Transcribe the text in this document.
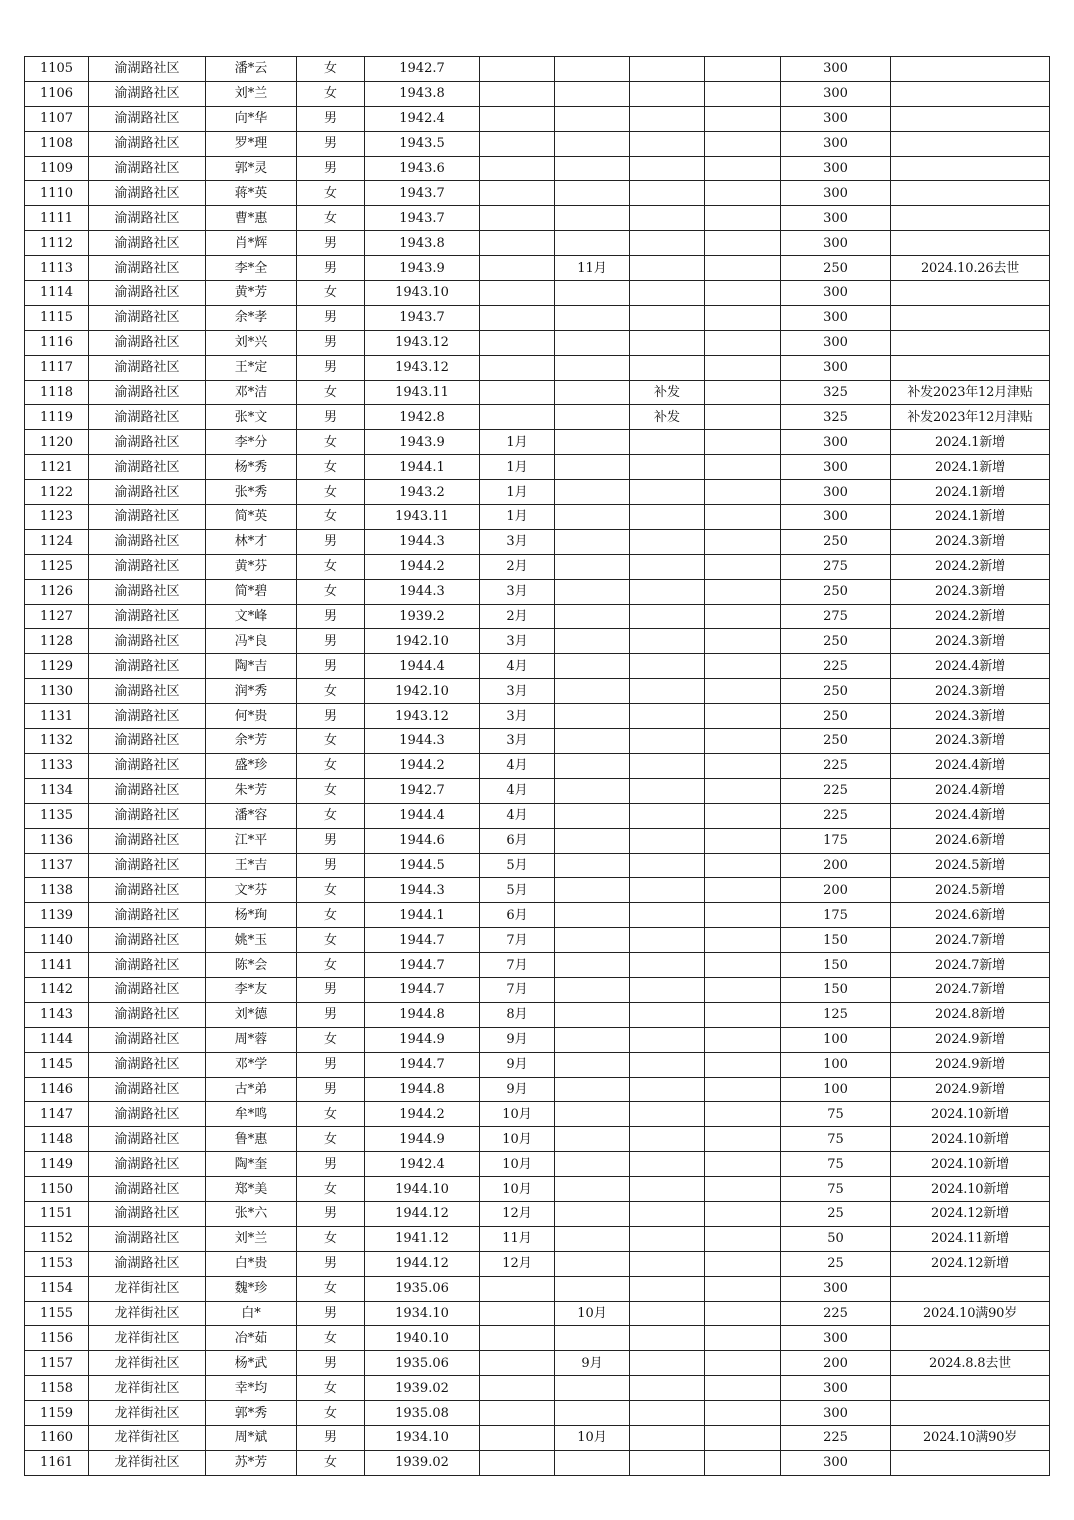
1105	渝湖路社区	潘*云	女	1942.7					300	
1106	渝湖路社区	刘*兰	女	1943.8					300	
1107	渝湖路社区	向*华	男	1942.4					300	
1108	渝湖路社区	罗*理	男	1943.5					300	
1109	渝湖路社区	郭*灵	男	1943.6					300	
1110	渝湖路社区	蒋*英	女	1943.7					300	
1111	渝湖路社区	曹*惠	女	1943.7					300	
1112	渝湖路社区	肖*辉	男	1943.8					300	
1113	渝湖路社区	李*全	男	1943.9		11月			250	2024.10.26去世
1114	渝湖路社区	黄*芳	女	1943.10					300	
1115	渝湖路社区	余*孝	男	1943.7					300	
1116	渝湖路社区	刘*兴	男	1943.12					300	
1117	渝湖路社区	王*定	男	1943.12					300	
1118	渝湖路社区	邓*洁	女	1943.11			补发		325	补发2023年12月津贴
1119	渝湖路社区	张*文	男	1942.8			补发		325	补发2023年12月津贴
1120	渝湖路社区	李*分	女	1943.9	1月				300	2024.1新增
1121	渝湖路社区	杨*秀	女	1944.1	1月				300	2024.1新增
1122	渝湖路社区	张*秀	女	1943.2	1月				300	2024.1新增
1123	渝湖路社区	简*英	女	1943.11	1月				300	2024.1新增
1124	渝湖路社区	林*才	男	1944.3	3月				250	2024.3新增
1125	渝湖路社区	黄*芬	女	1944.2	2月				275	2024.2新增
1126	渝湖路社区	简*碧	女	1944.3	3月				250	2024.3新增
1127	渝湖路社区	文*峰	男	1939.2	2月				275	2024.2新增
1128	渝湖路社区	冯*良	男	1942.10	3月				250	2024.3新增
1129	渝湖路社区	陶*吉	男	1944.4	4月				225	2024.4新增
1130	渝湖路社区	润*秀	女	1942.10	3月				250	2024.3新增
1131	渝湖路社区	何*贵	男	1943.12	3月				250	2024.3新增
1132	渝湖路社区	余*芳	女	1944.3	3月				250	2024.3新增
1133	渝湖路社区	盛*珍	女	1944.2	4月				225	2024.4新增
1134	渝湖路社区	朱*芳	女	1942.7	4月				225	2024.4新增
1135	渝湖路社区	潘*容	女	1944.4	4月				225	2024.4新增
1136	渝湖路社区	江*平	男	1944.6	6月				175	2024.6新增
1137	渝湖路社区	王*吉	男	1944.5	5月				200	2024.5新增
1138	渝湖路社区	文*芬	女	1944.3	5月				200	2024.5新增
1139	渝湖路社区	杨*珣	女	1944.1	6月				175	2024.6新增
1140	渝湖路社区	姚*玉	女	1944.7	7月				150	2024.7新增
1141	渝湖路社区	陈*会	女	1944.7	7月				150	2024.7新增
1142	渝湖路社区	李*友	男	1944.7	7月				150	2024.7新增
1143	渝湖路社区	刘*德	男	1944.8	8月				125	2024.8新增
1144	渝湖路社区	周*蓉	女	1944.9	9月				100	2024.9新增
1145	渝湖路社区	邓*学	男	1944.7	9月				100	2024.9新增
1146	渝湖路社区	古*弟	男	1944.8	9月				100	2024.9新增
1147	渝湖路社区	牟*鸣	女	1944.2	10月				75	2024.10新增
1148	渝湖路社区	鲁*惠	女	1944.9	10月				75	2024.10新增
1149	渝湖路社区	陶*奎	男	1942.4	10月				75	2024.10新增
1150	渝湖路社区	郑*美	女	1944.10	10月				75	2024.10新增
1151	渝湖路社区	张*六	男	1944.12	12月				25	2024.12新增
1152	渝湖路社区	刘*兰	女	1941.12	11月				50	2024.11新增
1153	渝湖路社区	白*贵	男	1944.12	12月				25	2024.12新增
1154	龙祥街社区	魏*珍	女	1935.06					300	
1155	龙祥街社区	白*	男	1934.10		10月			225	2024.10满90岁
1156	龙祥街社区	冶*茹	女	1940.10					300	
1157	龙祥街社区	杨*武	男	1935.06		9月			200	2024.8.8去世
1158	龙祥街社区	幸*均	女	1939.02					300	
1159	龙祥街社区	郭*秀	女	1935.08					300	
1160	龙祥街社区	周*斌	男	1934.10		10月			225	2024.10满90岁
1161	龙祥街社区	苏*芳	女	1939.02					300	
